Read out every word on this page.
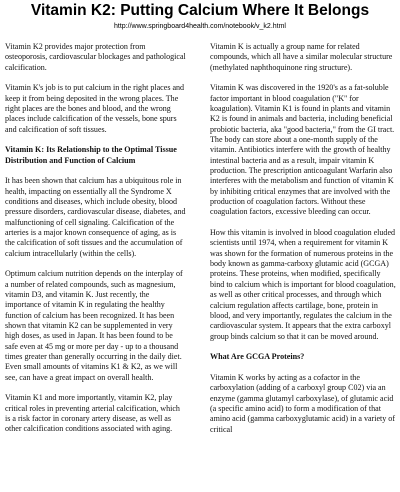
Vitamin K2: Putting Calcium Where It Belongs
http://www.springboard4health.com/notebook/v_k2.html

Vitamin K2 provides major protection from osteoporosis, cardiovascular blockages and pathological calcification.

Vitamin K's job is to put calcium in the right places and keep it from being deposited in the wrong places. The right places are the bones and blood, and the wrong places include calcification of the vessels, bone spurs and calcification of soft tissues.

Vitamin K: Its Relationship to the Optimal Tissue Distribution and Function of Calcium

It has been shown that calcium has a ubiquitous role in health, impacting on essentially all the Syndrome X conditions and diseases, which include obesity, blood pressure disorders, cardiovascular disease, diabetes, and malfunctioning of cell signaling. Calcification of the arteries is a major known consequence of aging, as is the calcification of soft tissues and the accumulation of calcium intracellularly (within the cells).

Optimum calcium nutrition depends on the interplay of a number of related compounds, such as magnesium, vitamin D3, and vitamin K. Just recently, the importance of vitamin K in regulating the healthy function of calcium has been recognized. It has been shown that vitamin K2 can be supplemented in very high doses, as used in Japan. It has been found to be safe even at 45 mg or more per day - up to a thousand times greater than generally occurring in the daily diet. Even small amounts of vitamins K1 & K2, as we will see, can have a great impact on overall health.

Vitamin K1 and more importantly, vitamin K2, play critical roles in preventing arterial calcification, which is a risk factor in coronary artery disease, as well as other calcification conditions associated with aging.

Vitamin K is actually a group name for related compounds, which all have a similar molecular structure (methylated naphthoquinone ring structure).

Vitamin K was discovered in the 1920's as a fat-soluble factor important in blood coagulation ("K" for koagulation). Vitamin K1 is found in plants and vitamin K2 is found in animals and bacteria, including beneficial probiotic bacteria, aka "good bacteria," from the GI tract. The body can store about a one-month supply of the vitamin. Antibiotics interfere with the growth of healthy intestinal bacteria and as a result, impair vitamin K production. The prescription anticoagulant Warfarin also interferes with the metabolism and function of vitamin K by inhibiting critical enzymes that are involved with the production of coagulation factors. Without these coagulation factors, excessive bleeding can occur.

How this vitamin is involved in blood coagulation eluded scientists until 1974, when a requirement for vitamin K was shown for the formation of numerous proteins in the body known as gamma-carboxy glutamic acid (GCGA) proteins. These proteins, when modified, specifically bind to calcium which is important for blood coagulation, as well as other critical processes, and through which calcium regulation affects cartilage, bone, protein in blood, and very importantly, regulates the calcium in the cardiovascular system. It appears that the extra carboxyl group binds calcium so that it can be moved around.

What Are GCGA Proteins?

Vitamin K works by acting as a cofactor in the carboxylation (adding of a carboxyl group C02) via an enzyme (gamma glutamyl carboxylase), of glutamic acid (a specific amino acid) to form a modification of that amino acid (gamma carboxyglutamic acid) in a variety of critical
